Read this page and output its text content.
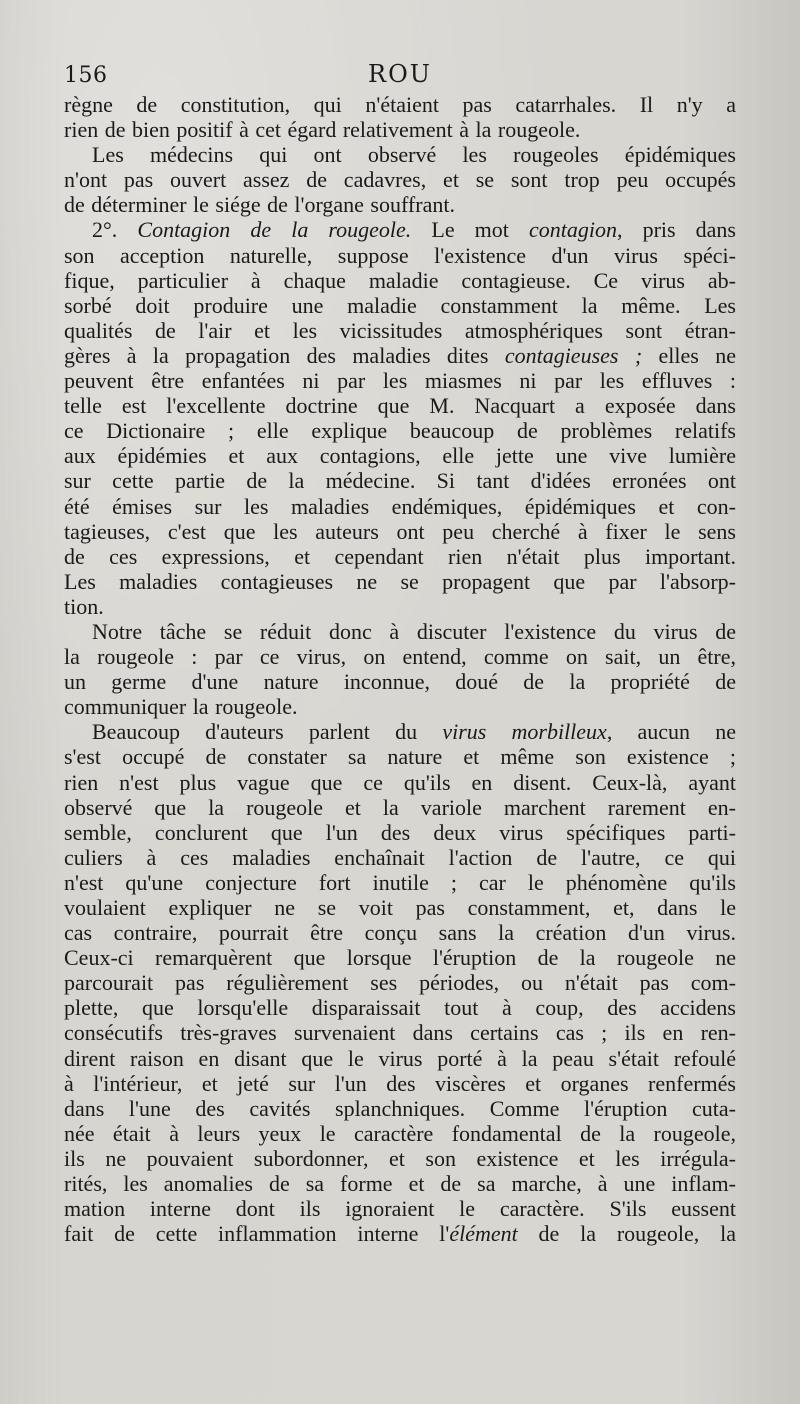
156	ROU
règne de constitution, qui n'étaient pas catarrhales. Il n'y a
rien de bien positif à cet égard relativement à la rougeole.
Les médecins qui ont observé les rougeoles épidémiques
n'ont pas ouvert assez de cadavres, et se sont trop peu occupés
de déterminer le siége de l'organe souffrant.
2°. Contagion de la rougeole. Le mot contagion, pris dans
son acception naturelle, suppose l'existence d'un virus spéci-
fique, particulier à chaque maladie contagieuse. Ce virus ab-
sorbé doit produire une maladie constamment la même. Les
qualités de l'air et les vicissitudes atmosphériques sont étran-
gères à la propagation des maladies dites contagieuses ; elles ne
peuvent être enfantées ni par les miasmes ni par les effluves :
telle est l'excellente doctrine que M. Nacquart a exposée dans
ce Dictionaire ; elle explique beaucoup de problèmes relatifs
aux épidémies et aux contagions, elle jette une vive lumière
sur cette partie de la médecine. Si tant d'idées erronées ont
été émises sur les maladies endémiques, épidémiques et con-
tagieuses, c'est que les auteurs ont peu cherché à fixer le sens
de ces expressions, et cependant rien n'était plus important.
Les maladies contagieuses ne se propagent que par l'absorp-
tion.
Notre tâche se réduit donc à discuter l'existence du virus de
la rougeole : par ce virus, on entend, comme on sait, un être,
un germe d'une nature inconnue, doué de la propriété de
communiquer la rougeole.
Beaucoup d'auteurs parlent du virus morbilleux, aucun ne
s'est occupé de constater sa nature et même son existence ;
rien n'est plus vague que ce qu'ils en disent. Ceux-là, ayant
observé que la rougeole et la variole marchent rarement en-
semble, conclurent que l'un des deux virus spécifiques parti-
culiers à ces maladies enchaînait l'action de l'autre, ce qui
n'est qu'une conjecture fort inutile ; car le phénomène qu'ils
voulaient expliquer ne se voit pas constamment, et, dans le
cas contraire, pourrait être conçu sans la création d'un virus.
Ceux-ci remarquèrent que lorsque l'éruption de la rougeole ne
parcourait pas régulièrement ses périodes, ou n'était pas com-
plette, que lorsqu'elle disparaissait tout à coup, des accidens
consécutifs très-graves survenaient dans certains cas ; ils en ren-
dirent raison en disant que le virus porté à la peau s'était refoulé
à l'intérieur, et jeté sur l'un des viscères et organes renfermés
dans l'une des cavités splanchniques. Comme l'éruption cuta-
née était à leurs yeux le caractère fondamental de la rougeole,
ils ne pouvaient subordonner, et son existence et les irrégula-
rités, les anomalies de sa forme et de sa marche, à une inflam-
mation interne dont ils ignoraient le caractère. S'ils eussent
fait de cette inflammation interne l'élément de la rougeole, la
